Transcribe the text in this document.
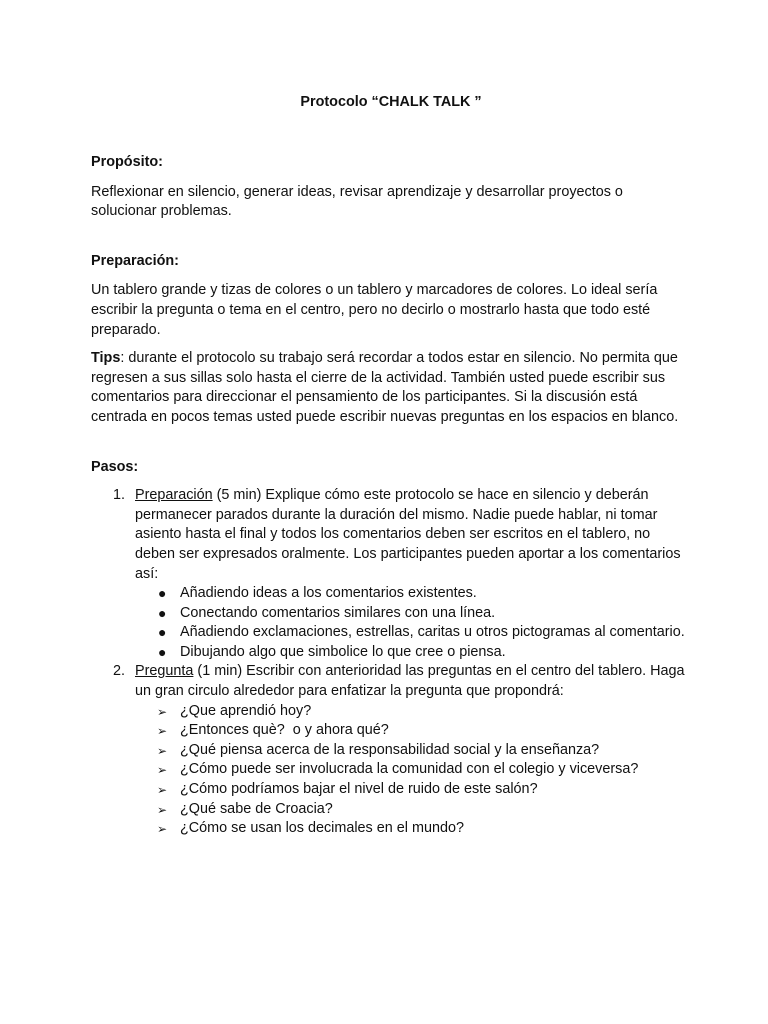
Protocolo “CHALK TALK ”

Propósito:

Reflexionar en silencio, generar ideas, revisar aprendizaje y desarrollar proyectos o solucionar problemas.

Preparación:

Un tablero grande y tizas de colores o un tablero y marcadores de colores. Lo ideal sería escribir la pregunta o tema en el centro, pero no decirlo o mostrarlo hasta que todo esté preparado.

Tips: durante el protocolo su trabajo será recordar a todos estar en silencio. No permita que regresen a sus sillas solo hasta el cierre de la actividad. También usted puede escribir sus comentarios para direccionar el pensamiento de los participantes. Si la discusión está centrada en pocos temas usted puede escribir nuevas preguntas en los espacios en blanco.

Pasos:

1. Preparación (5 min) Explique cómo este protocolo se hace en silencio y deberán permanecer parados durante la duración del mismo. Nadie puede hablar, ni tomar asiento hasta el final y todos los comentarios deben ser escritos en el tablero, no deben ser expresados oralmente. Los participantes pueden aportar a los comentarios así:
● Añadiendo ideas a los comentarios existentes.
● Conectando comentarios similares con una línea.
● Añadiendo exclamaciones, estrellas, caritas u otros pictogramas al comentario.
● Dibujando algo que simbolice lo que cree o piensa.
2. Pregunta (1 min) Escribir con anterioridad las preguntas en el centro del tablero. Haga un gran circulo alrededor para enfatizar la pregunta que propondrá:
➢ ¿Que aprendió hoy?
➢ ¿Entonces què?  o y ahora qué?
➢ ¿Qué piensa acerca de la responsabilidad social y la enseñanza?
➢ ¿Cómo puede ser involucrada la comunidad con el colegio y viceversa?
➢ ¿Cómo podríamos bajar el nivel de ruido de este salón?
➢ ¿Qué sabe de Croacia?
➢ ¿Cómo se usan los decimales en el mundo?
